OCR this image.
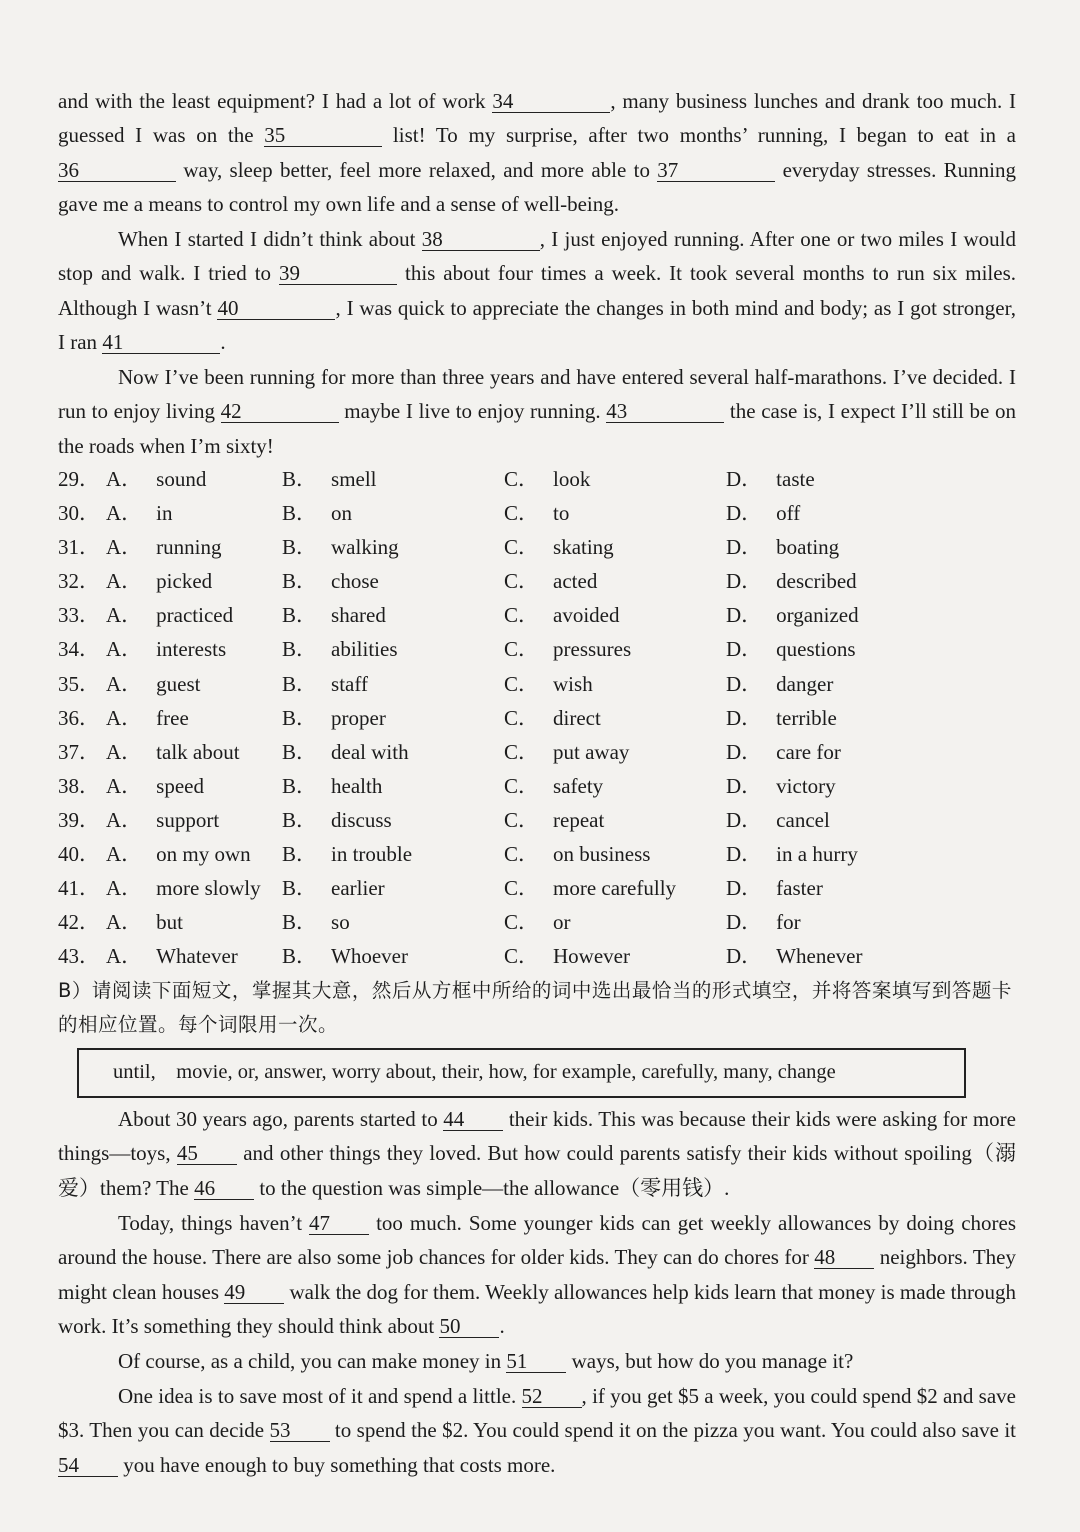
and with the least equipment? I had a lot of work 34	, many business lunches and drank too much. I guessed I was on the 35	list! To my surprise, after two months’ running, I began to eat in a 36	way, sleep better, feel more relaxed, and more able to 37	everyday stresses. Running gave me a means to control my own life and a sense of well-being.
When I started I didn’t think about 38	, I just enjoyed running. After one or two miles I would stop and walk. I tried to 39	this about four times a week. It took several months to run six miles. Although I wasn’t 40	, I was quick to appreciate the changes in both mind and body; as I got stronger, I ran 41	.
Now I’ve been running for more than three years and have entered several half-marathons. I’ve decided. I run to enjoy living 42	maybe I live to enjoy running. 43	the case is, I expect I’ll still be on the roads when I’m sixty!
29． A． sound	B． smell	C． look	D． taste
30． A． in	B． on	C． to	D． off
31． A． running	B． walking	C． skating	D． boating
32． A． picked	B． chose	C． acted	D． described
33． A． practiced B． shared	C． avoided	D． organized
34． A． interests	B． abilities	C． pressures	D． questions
35． A． guest	B． staff	C． wish	D． danger
36． A． free	B． proper	C． direct	D． terrible
37． A． talk about B． deal with	C． put away	D． care for
38． A． speed	B． health	C． safety	D． victory
39． A． support	B． discuss	C． repeat	D． cancel
40． A． on my own B． in trouble	C． on business	D． in a hurry
41． A． more slowly B． earlier	C． more carefully D． faster
42． A． but	B． so	C． or	D． for
43． A． Whatever B． Whoever	C． However	D． Whenever
B）请阅读下面短文，掌握其大意，然后从方框中所给的词中选出最恰当的形式填空，并将答案填写到答题卡的相应位置。每个词限用一次。
until,    movie, or, answer, worry about, their, how, for example, carefully, many, change
About 30 years ago, parents started to 44 their kids. This was because their kids were asking for more things—toys, 45 and other things they loved. But how could parents satisfy their kids without spoiling（溺爱）them? The 46 to the question was simple—the allowance（零用钱）.
Today, things haven’t 47 too much. Some younger kids can get weekly allowances by doing chores around the house. There are also some job chances for older kids. They can do chores for 48 neighbors. They might clean houses 49 walk the dog for them. Weekly allowances help kids learn that money is made through work. It’s something they should think about 50 .
Of course, as a child, you can make money in 51 ways, but how do you manage it?
One idea is to save most of it and spend a little. 52 , if you get $5 a week, you could spend $2 and save $3. Then you can decide 53 to spend the $2. You could spend it on the pizza you want. You could also save it 54 you have enough to buy something that costs more.
